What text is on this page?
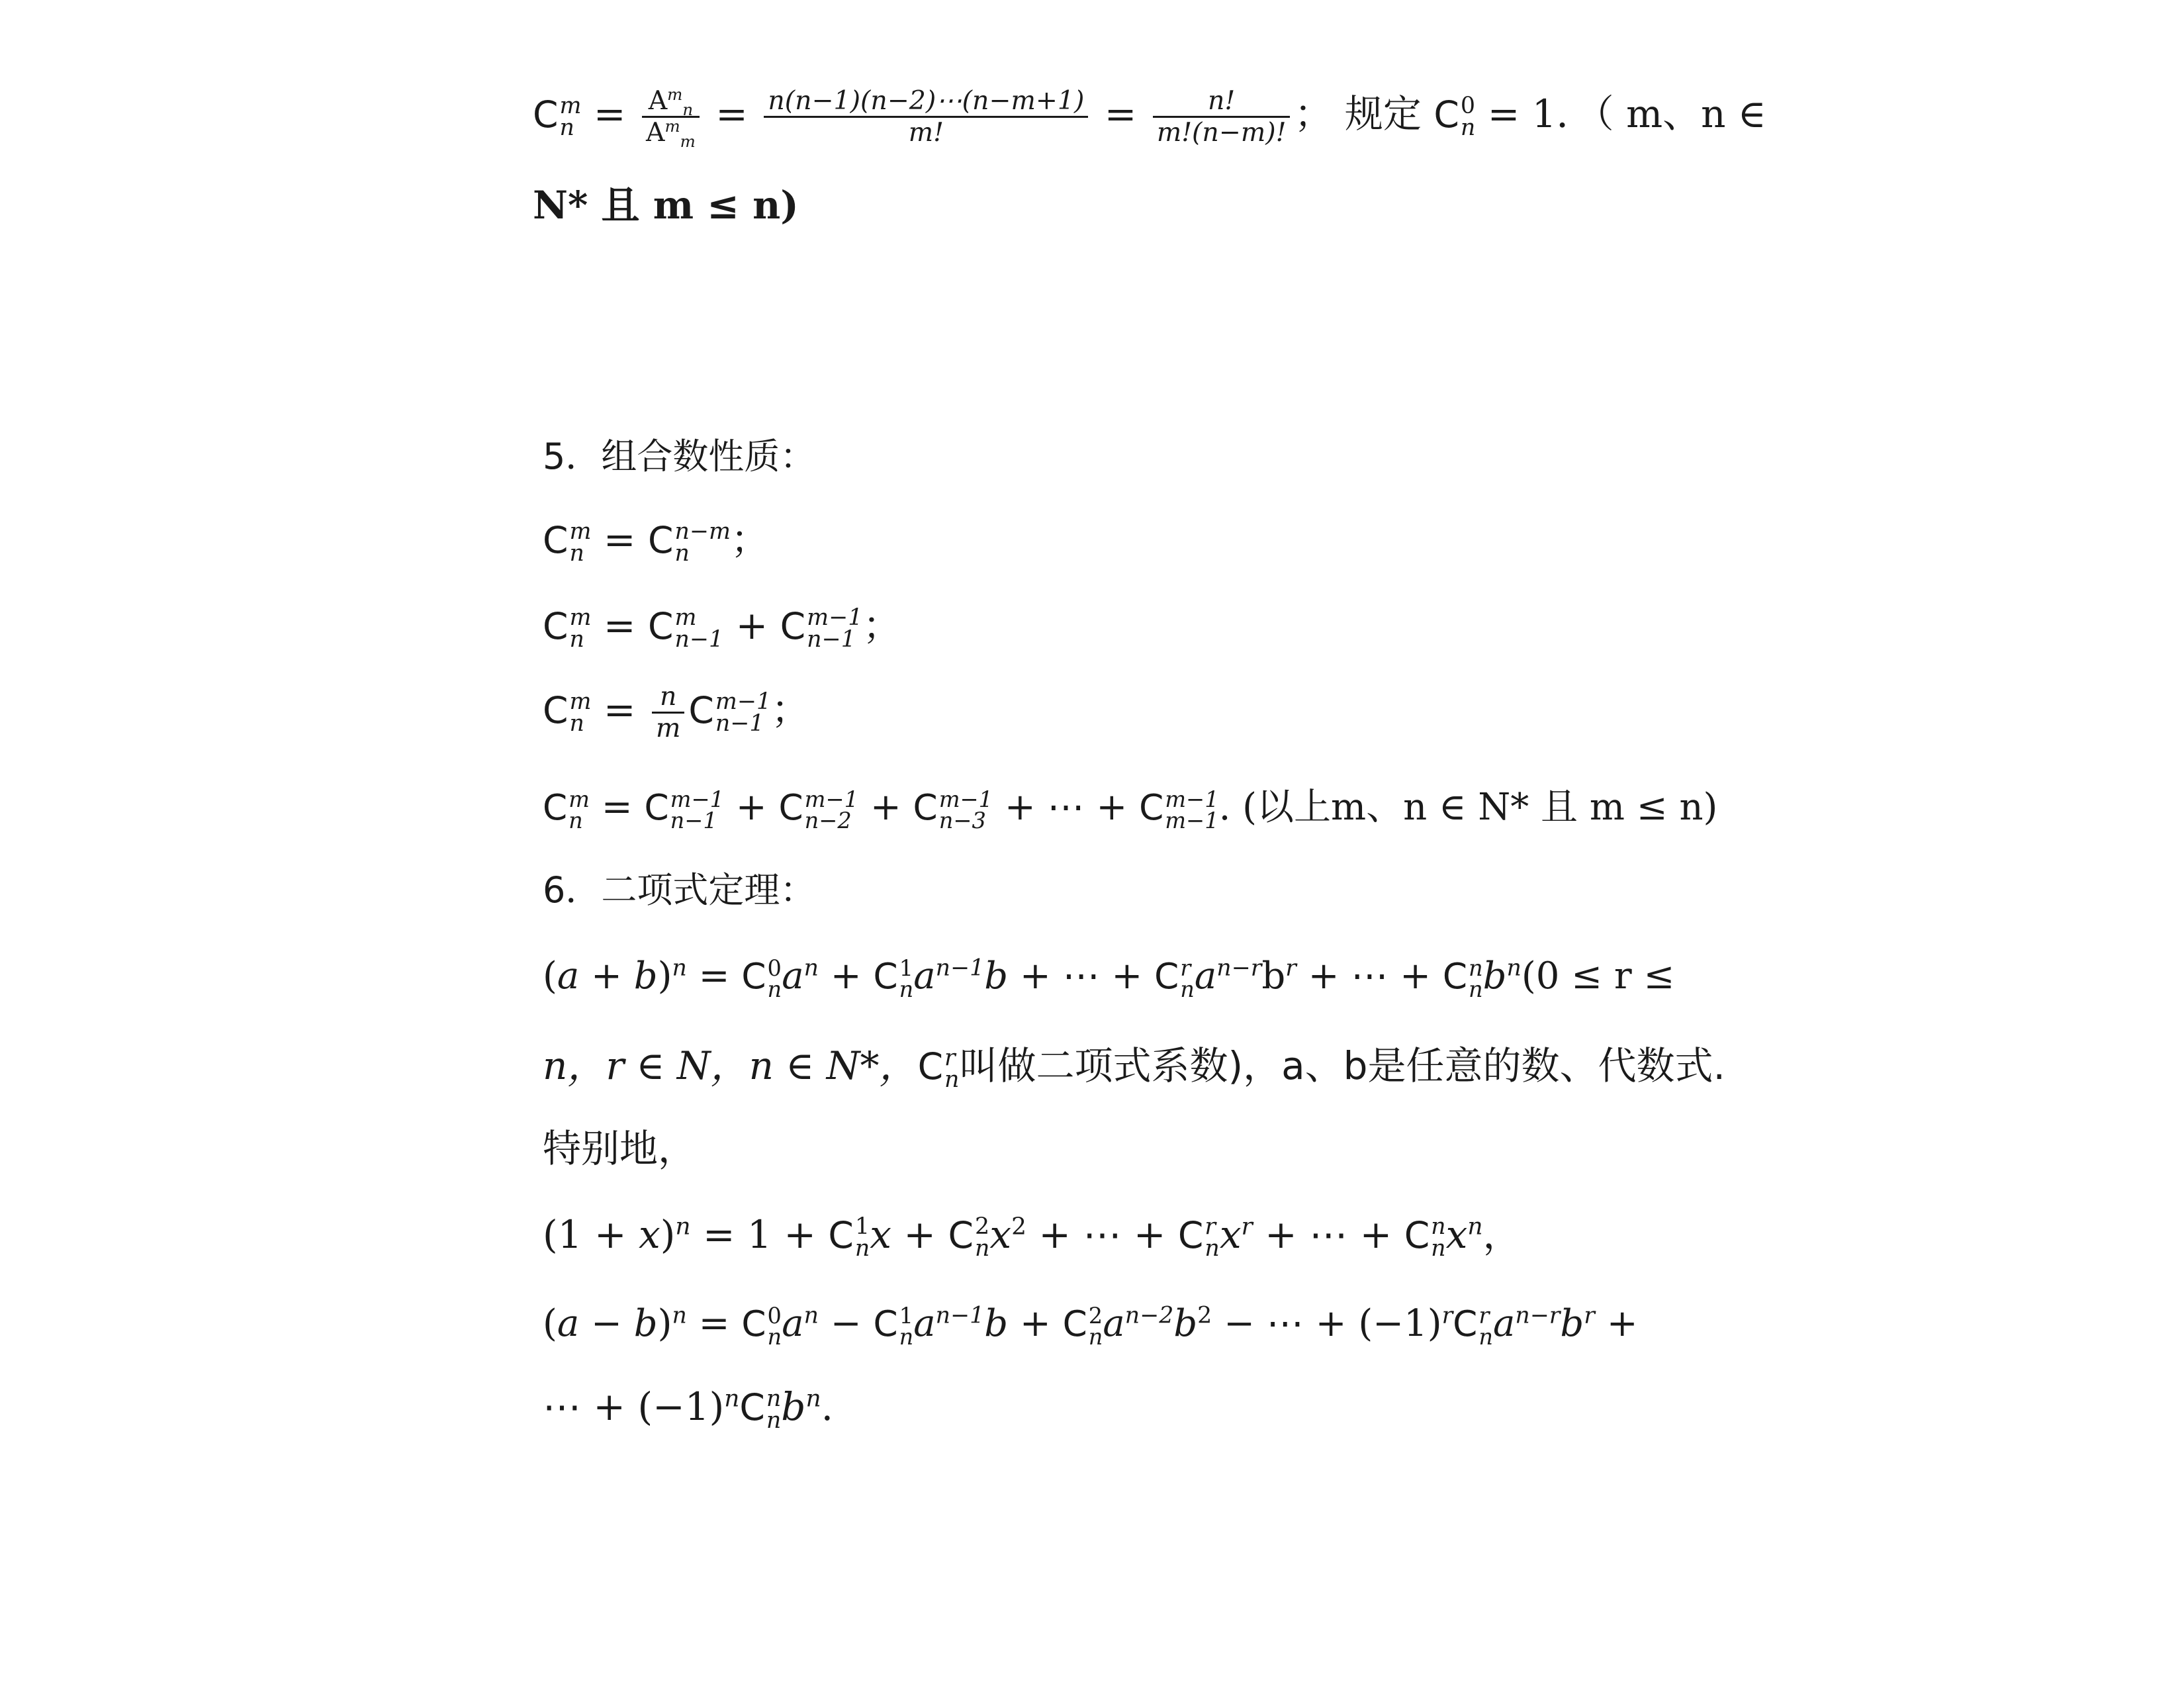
C m
$n = \frac{A^m_n}{A^m_m} = \frac{n(n-1)(n-2)\cdots(n-m+1)}{m!} = \frac{n!}{m!(n-m)!}$ ； 规定 C 0
n = 1．（ m、n ∈
N* 且 m ≤ n)
5．组合数性质：
C m
n = C n−m
n	；
C m
n = C m
n−1 + C m−1
n−1 ；
C m
$n = \frac{n}{m}$ C m−1
n−1 ；
C m
n = C m−1
n−1 + C m−1
n−2 + C m−1
n−3 + ⋯ + C m−1
m−1 . (以上m、n ∈ N* 且 m ≤ n)
6．二项式定理：
$(a + b)^n = C$ 0
n $a^n + C$ 1
n $a^{n-1}b$ + ⋯ + C r
n $a^{n-r}b^r$ + ⋯ + C n
n $b^n(0 \le r$ ≤
n，r ∈ N，n ∈ N*，C r
n 叫做二项式系数)，a、b是任意的数、代数式.
特别地，
$(1 + x)^n = 1 + C$ 1
n x + C 2
n $x^2$ + ⋯ + C r
n $x^r$ + ⋯ + C n
n $x^n$，
$(a - b)^n = C$ 0
n $a^n - C$ 1
n $a^{n-1}b + C$ 2
n $a^{n-2}b^2$ − ⋯ + $(-1)^rC$ r
n $a^{n-r}b^r$ +
⋯ + $(-1)^nC$ n
n $b^n$.
